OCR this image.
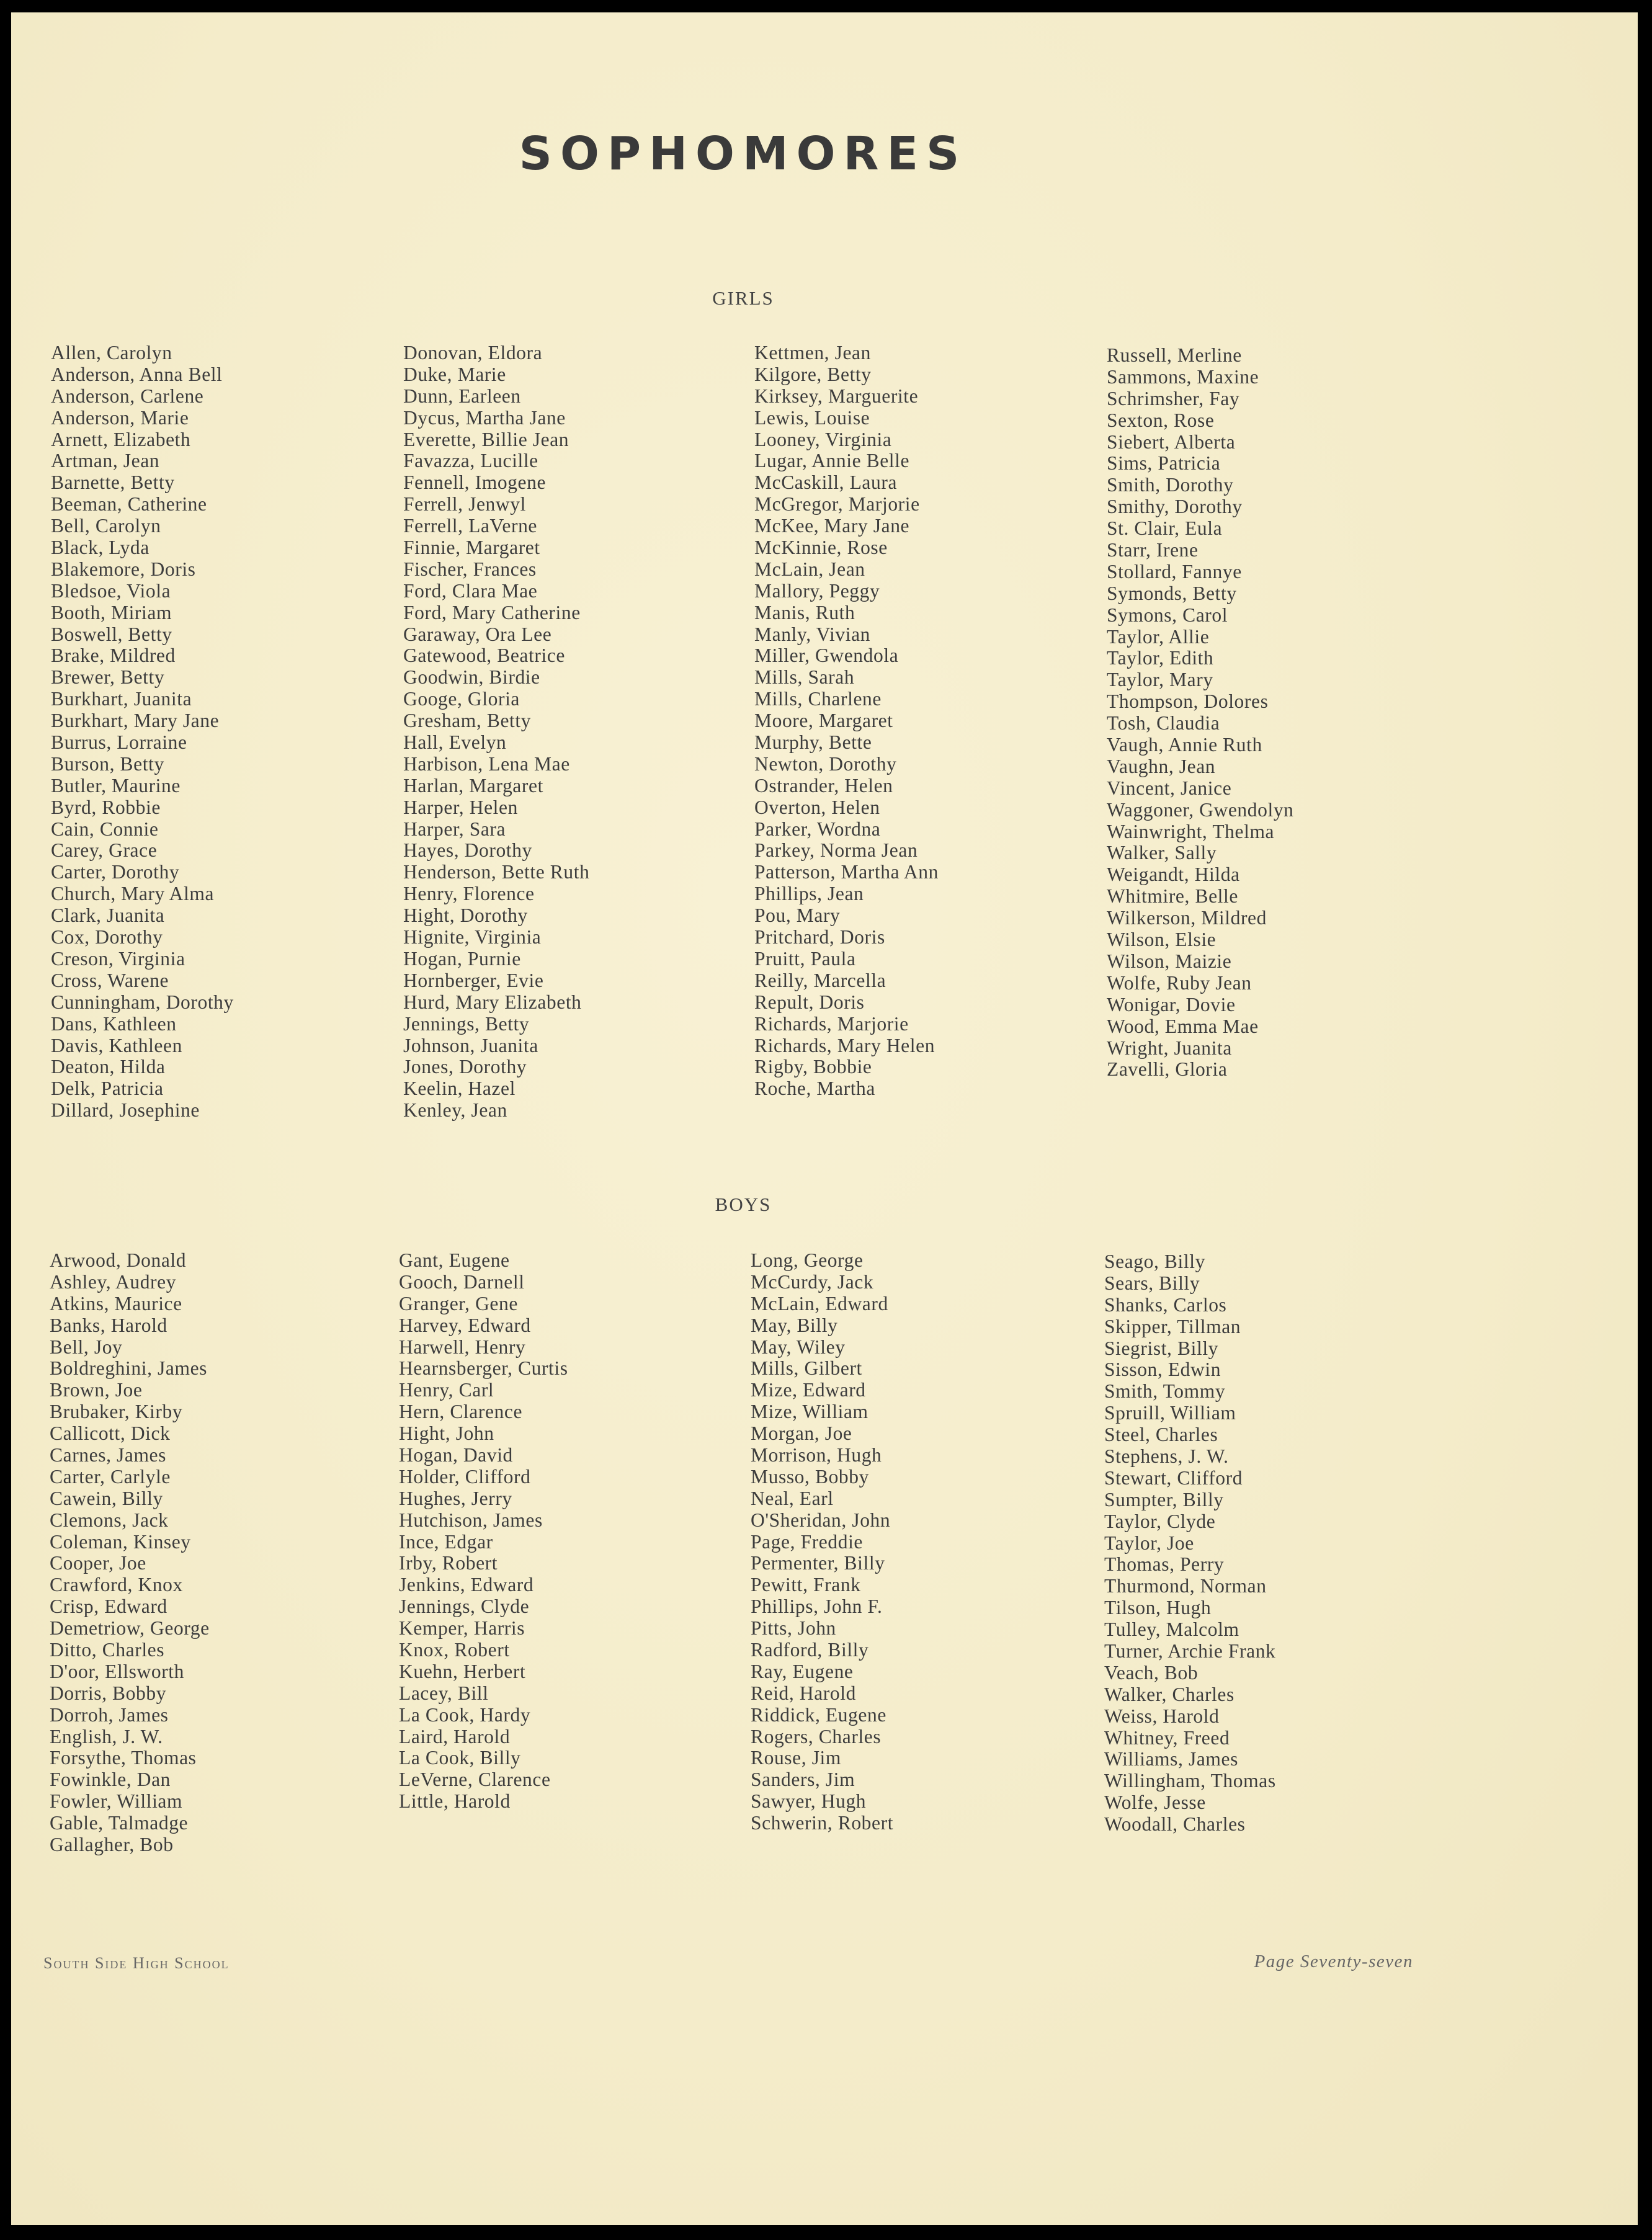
SOPHOMORES
GIRLS
Allen, Carolyn
Anderson, Anna Bell
Anderson, Carlene
Anderson, Marie
Arnett, Elizabeth
Artman, Jean
Barnette, Betty
Beeman, Catherine
Bell, Carolyn
Black, Lyda
Blakemore, Doris
Bledsoe, Viola
Booth, Miriam
Boswell, Betty
Brake, Mildred
Brewer, Betty
Burkhart, Juanita
Burkhart, Mary Jane
Burrus, Lorraine
Burson, Betty
Butler, Maurine
Byrd, Robbie
Cain, Connie
Carey, Grace
Carter, Dorothy
Church, Mary Alma
Clark, Juanita
Cox, Dorothy
Creson, Virginia
Cross, Warene
Cunningham, Dorothy
Dans, Kathleen
Davis, Kathleen
Deaton, Hilda
Delk, Patricia
Dillard, Josephine
Donovan, Eldora
Duke, Marie
Dunn, Earleen
Dycus, Martha Jane
Everette, Billie Jean
Favazza, Lucille
Fennell, Imogene
Ferrell, Jenwyl
Ferrell, LaVerne
Finnie, Margaret
Fischer, Frances
Ford, Clara Mae
Ford, Mary Catherine
Garaway, Ora Lee
Gatewood, Beatrice
Goodwin, Birdie
Googe, Gloria
Gresham, Betty
Hall, Evelyn
Harbison, Lena Mae
Harlan, Margaret
Harper, Helen
Harper, Sara
Hayes, Dorothy
Henderson, Bette Ruth
Henry, Florence
Hight, Dorothy
Hignite, Virginia
Hogan, Purnie
Hornberger, Evie
Hurd, Mary Elizabeth
Jennings, Betty
Johnson, Juanita
Jones, Dorothy
Keelin, Hazel
Kenley, Jean
Kettmen, Jean
Kilgore, Betty
Kirksey, Marguerite
Lewis, Louise
Looney, Virginia
Lugar, Annie Belle
McCaskill, Laura
McGregor, Marjorie
McKee, Mary Jane
McKinnie, Rose
McLain, Jean
Mallory, Peggy
Manis, Ruth
Manly, Vivian
Miller, Gwendola
Mills, Sarah
Mills, Charlene
Moore, Margaret
Murphy, Bette
Newton, Dorothy
Ostrander, Helen
Overton, Helen
Parker, Wordna
Parkey, Norma Jean
Patterson, Martha Ann
Phillips, Jean
Pou, Mary
Pritchard, Doris
Pruitt, Paula
Reilly, Marcella
Repult, Doris
Richards, Marjorie
Richards, Mary Helen
Rigby, Bobbie
Roche, Martha
Russell, Merline
Sammons, Maxine
Schrimsher, Fay
Sexton, Rose
Siebert, Alberta
Sims, Patricia
Smith, Dorothy
Smithy, Dorothy
St. Clair, Eula
Starr, Irene
Stollard, Fannye
Symonds, Betty
Symons, Carol
Taylor, Allie
Taylor, Edith
Taylor, Mary
Thompson, Dolores
Tosh, Claudia
Vaugh, Annie Ruth
Vaughn, Jean
Vincent, Janice
Waggoner, Gwendolyn
Wainwright, Thelma
Walker, Sally
Weigandt, Hilda
Whitmire, Belle
Wilkerson, Mildred
Wilson, Elsie
Wilson, Maizie
Wolfe, Ruby Jean
Wonigar, Dovie
Wood, Emma Mae
Wright, Juanita
Zavelli, Gloria
BOYS
Arwood, Donald
Ashley, Audrey
Atkins, Maurice
Banks, Harold
Bell, Joy
Boldreghini, James
Brown, Joe
Brubaker, Kirby
Callicott, Dick
Carnes, James
Carter, Carlyle
Cawein, Billy
Clemons, Jack
Coleman, Kinsey
Cooper, Joe
Crawford, Knox
Crisp, Edward
Demetriow, George
Ditto, Charles
D'oor, Ellsworth
Dorris, Bobby
Dorroh, James
English, J. W.
Forsythe, Thomas
Fowinkle, Dan
Fowler, William
Gable, Talmadge
Gallagher, Bob
Gant, Eugene
Gooch, Darnell
Granger, Gene
Harvey, Edward
Harwell, Henry
Hearnsberger, Curtis
Henry, Carl
Hern, Clarence
Hight, John
Hogan, David
Holder, Clifford
Hughes, Jerry
Hutchison, James
Ince, Edgar
Irby, Robert
Jenkins, Edward
Jennings, Clyde
Kemper, Harris
Knox, Robert
Kuehn, Herbert
Lacey, Bill
La Cook, Hardy
Laird, Harold
La Cook, Billy
LeVerne, Clarence
Little, Harold
Long, George
McCurdy, Jack
McLain, Edward
May, Billy
May, Wiley
Mills, Gilbert
Mize, Edward
Mize, William
Morgan, Joe
Morrison, Hugh
Musso, Bobby
Neal, Earl
O'Sheridan, John
Page, Freddie
Permenter, Billy
Pewitt, Frank
Phillips, John F.
Pitts, John
Radford, Billy
Ray, Eugene
Reid, Harold
Riddick, Eugene
Rogers, Charles
Rouse, Jim
Sanders, Jim
Sawyer, Hugh
Schwerin, Robert
Seago, Billy
Sears, Billy
Shanks, Carlos
Skipper, Tillman
Siegrist, Billy
Sisson, Edwin
Smith, Tommy
Spruill, William
Steel, Charles
Stephens, J. W.
Stewart, Clifford
Sumpter, Billy
Taylor, Clyde
Taylor, Joe
Thomas, Perry
Thurmond, Norman
Tilson, Hugh
Tulley, Malcolm
Turner, Archie Frank
Veach, Bob
Walker, Charles
Weiss, Harold
Whitney, Freed
Williams, James
Willingham, Thomas
Wolfe, Jesse
Woodall, Charles
South Side High School	Page Seventy-seven
